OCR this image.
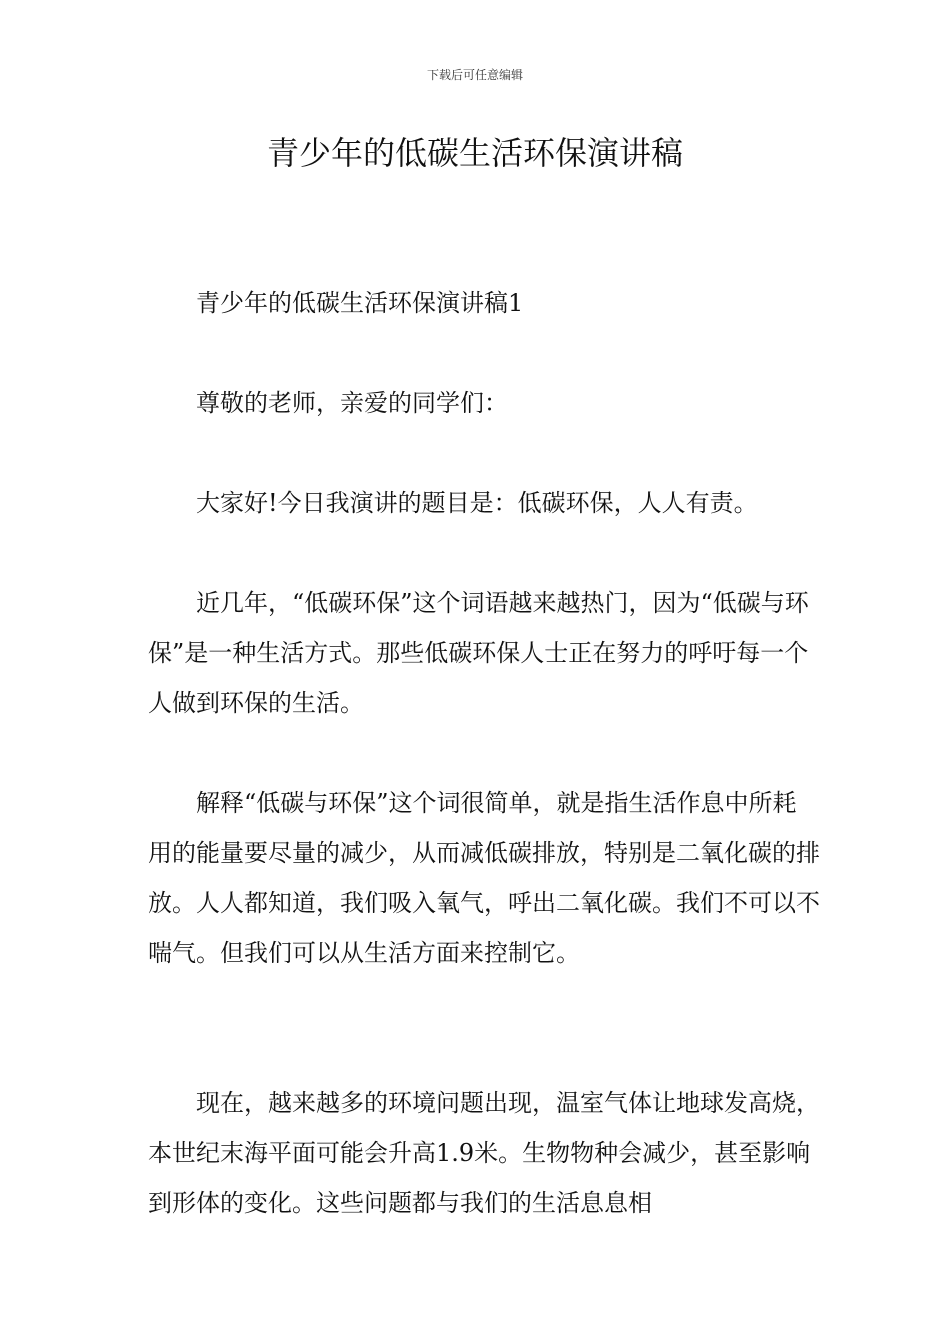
下载后可任意编辑
青少年的低碳生活环保演讲稿

青少年的低碳生活环保演讲稿1

尊敬的老师，亲爱的同学们：

大家好!今日我演讲的题目是：低碳环保，人人有责。

近几年，“低碳环保”这个词语越来越热门，因为“低碳与环保”是一种生活方式。那些低碳环保人士正在努力的呼吁每一个人做到环保的生活。

解释“低碳与环保”这个词很简单，就是指生活作息中所耗用的能量要尽量的减少，从而减低碳排放，特别是二氧化碳的排放。人人都知道，我们吸入氧气，呼出二氧化碳。我们不可以不喘气。但我们可以从生活方面来控制它。

现在，越来越多的环境问题出现，温室气体让地球发高烧，本世纪末海平面可能会升高1.9米。生物物种会减少，甚至影响到形体的变化。这些问题都与我们的生活息息相
